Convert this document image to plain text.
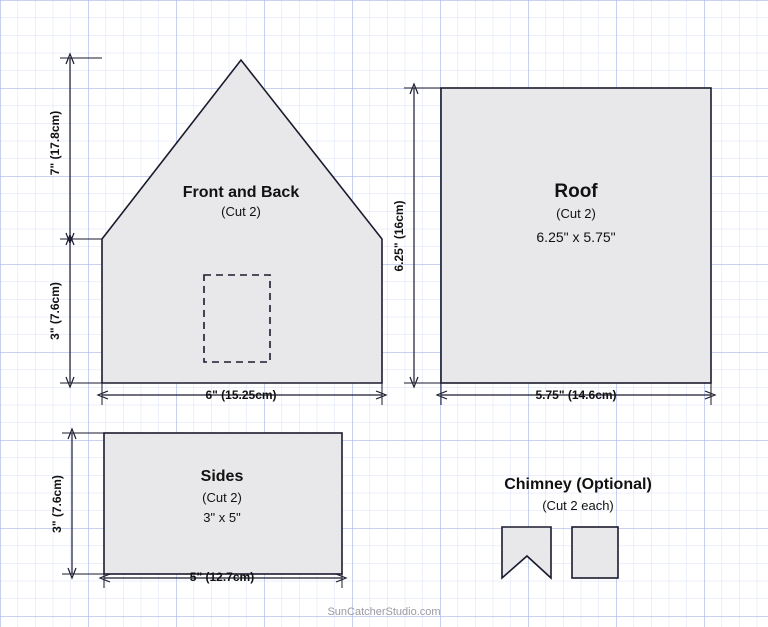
Front and Back
(Cut 2)
Roof
(Cut 2)
6.25" x 5.75"
Sides
(Cut 2)
3" x 5"
Chimney (Optional)
(Cut 2 each)
7" (17.8cm)
3" (7.6cm)
6" (15.25cm)
6.25" (16cm)
5.75" (14.6cm)
3" (7.6cm)
5" (12.7cm)
SunCatcherStudio.com
